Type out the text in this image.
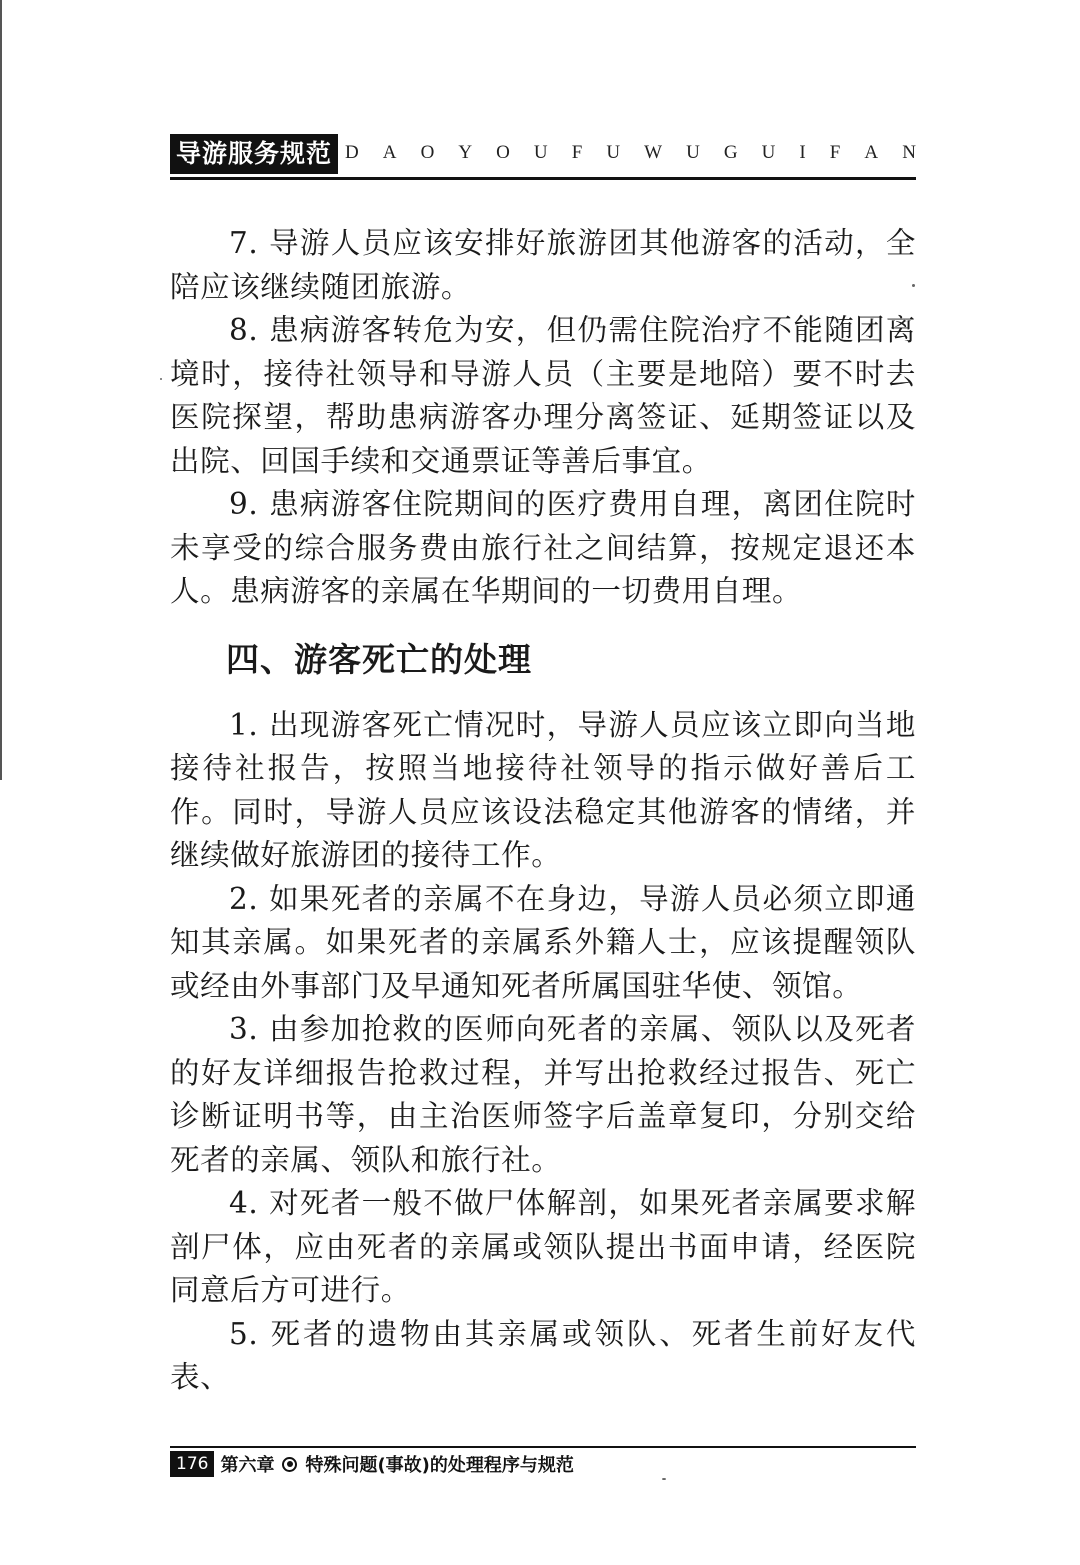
导游服务规范 D A O Y O U F U W U G U I F A N

7. 导游人员应该安排好旅游团其他游客的活动，全陪应该继续随团旅游。

8. 患病游客转危为安，但仍需住院治疗不能随团离境时，接待社领导和导游人员（主要是地陪）要不时去医院探望，帮助患病游客办理分离签证、延期签证以及出院、回国手续和交通票证等善后事宜。

9. 患病游客住院期间的医疗费用自理，离团住院时未享受的综合服务费由旅行社之间结算，按规定退还本人。患病游客的亲属在华期间的一切费用自理。

四、游客死亡的处理

1. 出现游客死亡情况时，导游人员应该立即向当地接待社报告，按照当地接待社领导的指示做好善后工作。同时，导游人员应该设法稳定其他游客的情绪，并继续做好旅游团的接待工作。

2. 如果死者的亲属不在身边，导游人员必须立即通知其亲属。如果死者的亲属系外籍人士，应该提醒领队或经由外事部门及早通知死者所属国驻华使、领馆。

3. 由参加抢救的医师向死者的亲属、领队以及死者的好友详细报告抢救过程，并写出抢救经过报告、死亡诊断证明书等，由主治医师签字后盖章复印，分别交给死者的亲属、领队和旅行社。

4. 对死者一般不做尸体解剖，如果死者亲属要求解剖尸体，应由死者的亲属或领队提出书面申请，经医院同意后方可进行。

5. 死者的遗物由其亲属或领队、死者生前好友代表、

176 第六章 特殊问题(事故)的处理程序与规范
